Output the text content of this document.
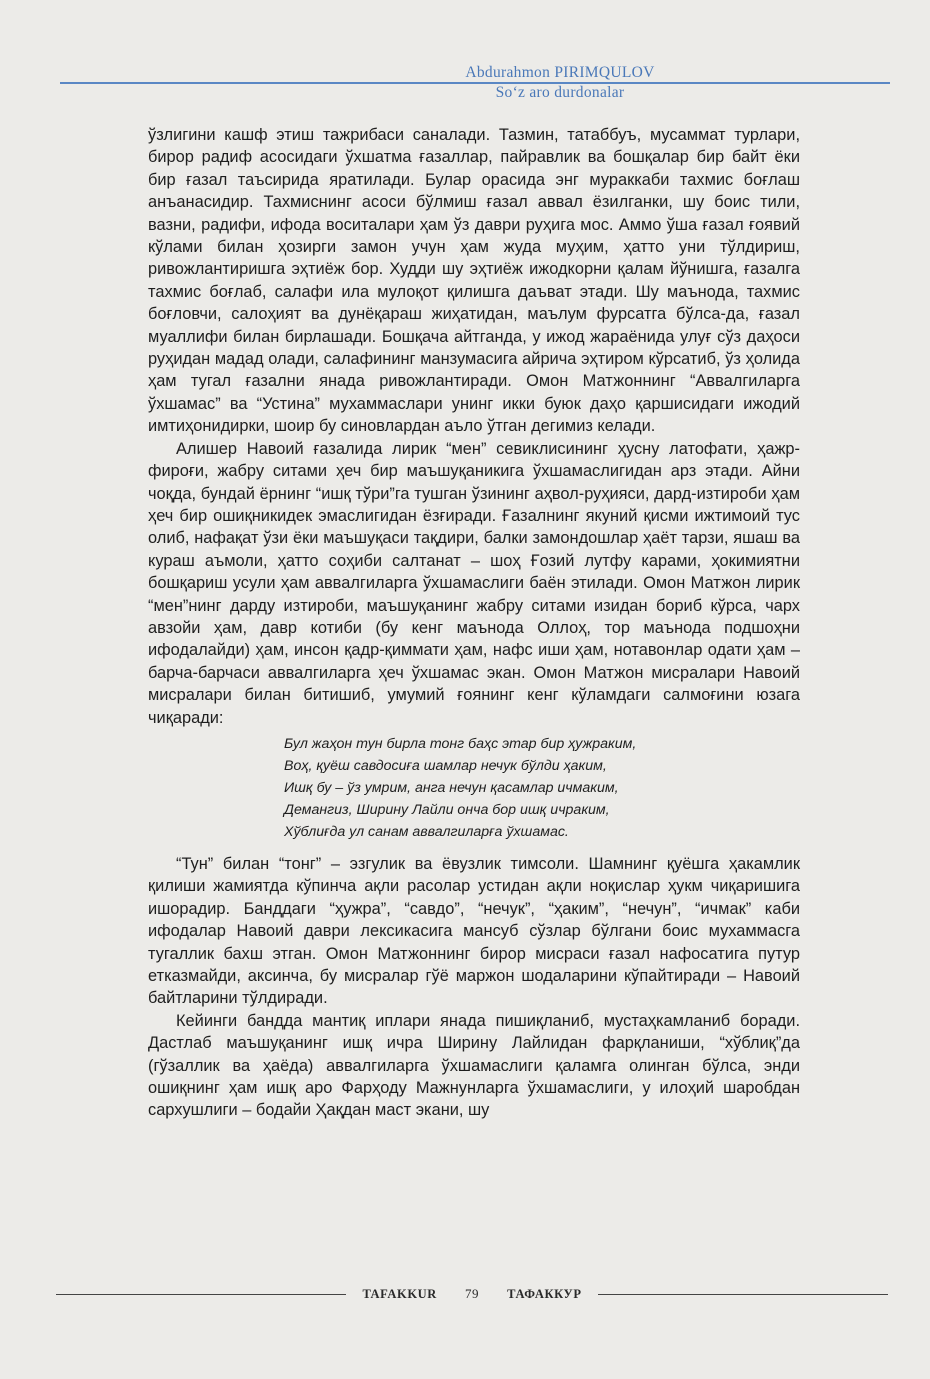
Abdurahmon PIRIMQULOV
So‘z aro durdonalar

ўзлигини кашф этиш тажрибаси саналади. Тазмин, татаббуъ, мусаммат турлари, бирор радиф асосидаги ўхшатма ғазаллар, пайравлик ва бошқалар бир байт ёки бир ғазал таъсирида яратилади. Булар орасида энг мураккаби тахмис боғлаш анъанасидир. Тахмиснинг асоси бўлмиш ғазал аввал ёзилганки, шу боис тили, вазни, радифи, ифода воситалари ҳам ўз даври руҳига мос. Аммо ўша ғазал ғоявий кўлами билан ҳозирги замон учун ҳам жуда муҳим, ҳатто уни тўлдириш, ривожлантиришга эҳтиёж бор. Худди шу эҳтиёж ижодкорни қалам йўнишга, ғазалга тахмис боғлаб, салафи ила мулоқот қилишга даъват этади. Шу маънода, тахмис боғловчи, салоҳият ва дунёқараш жиҳатидан, маълум фурсатга бўлса-да, ғазал муаллифи билан бирлашади. Бошқача айтганда, у ижод жараёнида улуғ сўз даҳоси руҳидан мадад олади, салафининг манзумасига айрича эҳтиром кўрсатиб, ўз ҳолида ҳам тугал ғазални янада ривожлантиради. Омон Матжоннинг “Аввалгиларга ўхшамас” ва “Устина” мухаммаслари унинг икки буюк даҳо қаршисидаги ижодий имтиҳонидирки, шоир бу синовлардан аъло ўтган дегимиз келади.

Алишер Навоий ғазалида лирик “мен” севиклисининг ҳусну латофати, ҳажр-фироғи, жабру ситами ҳеч бир маъшуқаникига ўхшамаслигидан арз этади. Айни чоқда, бундай ёрнинг “ишқ тўри”га тушган ўзининг аҳвол-руҳияси, дард-изтироби ҳам ҳеч бир ошиқникидек эмаслигидан ёзғиради. Ғазалнинг якуний қисми ижтимоий тус олиб, нафақат ўзи ёки маъшуқаси тақдири, балки замондошлар ҳаёт тарзи, яшаш ва кураш аъмоли, ҳатто соҳиби салтанат – шоҳ Ғозий лутфу карами, ҳокимиятни бошқариш усули ҳам аввалгиларга ўхшамаслиги баён этилади. Омон Матжон лирик “мен”нинг дарду изтироби, маъшуқанинг жабру ситами изидан бориб кўрса, чарх авзойи ҳам, давр котиби (бу кенг маънода Оллоҳ, тор маънода подшоҳни ифодалайди) ҳам, инсон қадр-қиммати ҳам, нафс иши ҳам, нотавонлар одати ҳам – барча-барчаси аввалгиларга ҳеч ўхшамас экан. Омон Матжон мисралари Навоий мисралари билан битишиб, умумий ғоянинг кенг кўламдаги салмоғини юзага чиқаради:

Бул жаҳон тун бирла тонг баҳс этар бир ҳужраким,
Воҳ, қуёш савдосиға шамлар нечук бўлди ҳаким,
Ишқ бу – ўз умрим, анга нечун қасамлар ичмаким,
Демангиз, Ширину Лайли онча бор ишқ ичраким,
Хўблиғда ул санам аввалгиларға ўхшамас.

“Тун” билан “тонг” – эзгулик ва ёвузлик тимсоли. Шамнинг қуёшга ҳакамлик қилиши жамиятда кўпинча ақли расолар устидан ақли ноқислар ҳукм чиқаришига ишорадир. Банддаги “ҳужра”, “савдо”, “нечук”, “ҳаким”, “нечун”, “ичмак” каби ифодалар Навоий даври лексикасига мансуб сўзлар бўлгани боис мухаммасга тугаллик бахш этган. Омон Матжоннинг бирор мисраси ғазал нафосатига путур етказмайди, аксинча, бу мисралар гўё маржон шодаларини кўпайтиради – Навоий байтларини тўлдиради.

Кейинги бандда мантиқ иплари янада пишиқланиб, мустаҳкамланиб боради. Дастлаб маъшуқанинг ишқ ичра Ширину Лайлидан фарқланиши, “хўблиқ”да (гўзаллик ва ҳаёда) аввалгиларга ўхшамаслиги қаламга олинган бўлса, энди ошиқнинг ҳам ишқ аро Фарҳоду Мажнунларга ўхшамаслиги, у илоҳий шаробдан сархушлиги – бодайи Ҳақдан маст экани, шу

TAFAKKUR 79 ТАФАККУР
